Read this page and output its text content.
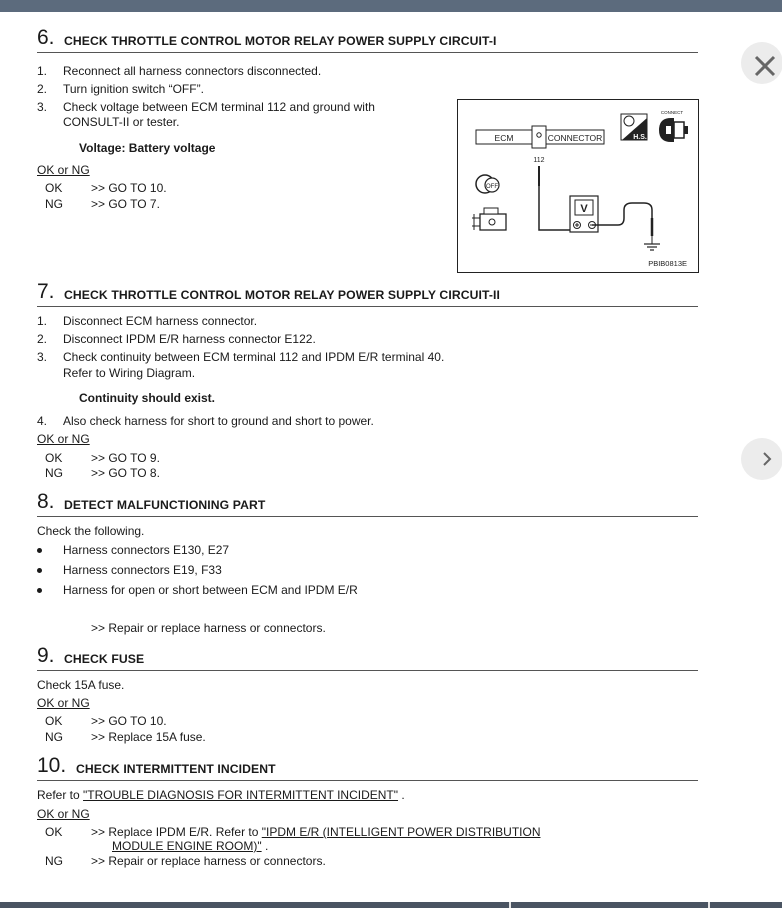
6. CHECK THROTTLE CONTROL MOTOR RELAY POWER SUPPLY CIRCUIT-I
1. Reconnect all harness connectors disconnected.
2. Turn ignition switch “OFF”.
3. Check voltage between ECM terminal 112 and ground with
CONSULT-II or tester.
Voltage: Battery voltage
OK or NG
OK >> GO TO 10.
NG >> GO TO 7.
ECM	CONNECTOR
112
V
OFF
H.S.
CONNECT
PBIB0813E
7. CHECK THROTTLE CONTROL MOTOR RELAY POWER SUPPLY CIRCUIT-II
1. Disconnect ECM harness connector.
2. Disconnect IPDM E/R harness connector E122.
3. Check continuity between ECM terminal 112 and IPDM E/R terminal 40.
Refer to Wiring Diagram.
Continuity should exist.
4. Also check harness for short to ground and short to power.
OK or NG
OK >> GO TO 9.
NG >> GO TO 8.
8. DETECT MALFUNCTIONING PART
Check the following.
Harness connectors E130, E27
Harness connectors E19, F33
Harness for open or short between ECM and IPDM E/R
>> Repair or replace harness or connectors.
9. CHECK FUSE
Check 15A fuse.
OK or NG
OK >> GO TO 10.
NG >> Replace 15A fuse.
10. CHECK INTERMITTENT INCIDENT
Refer to "TROUBLE DIAGNOSIS FOR INTERMITTENT INCIDENT" .
OK or NG
OK >> Replace IPDM E/R. Refer to "IPDM E/R (INTELLIGENT POWER DISTRIBUTION
MODULE ENGINE ROOM)" .
NG >> Repair or replace harness or connectors.
